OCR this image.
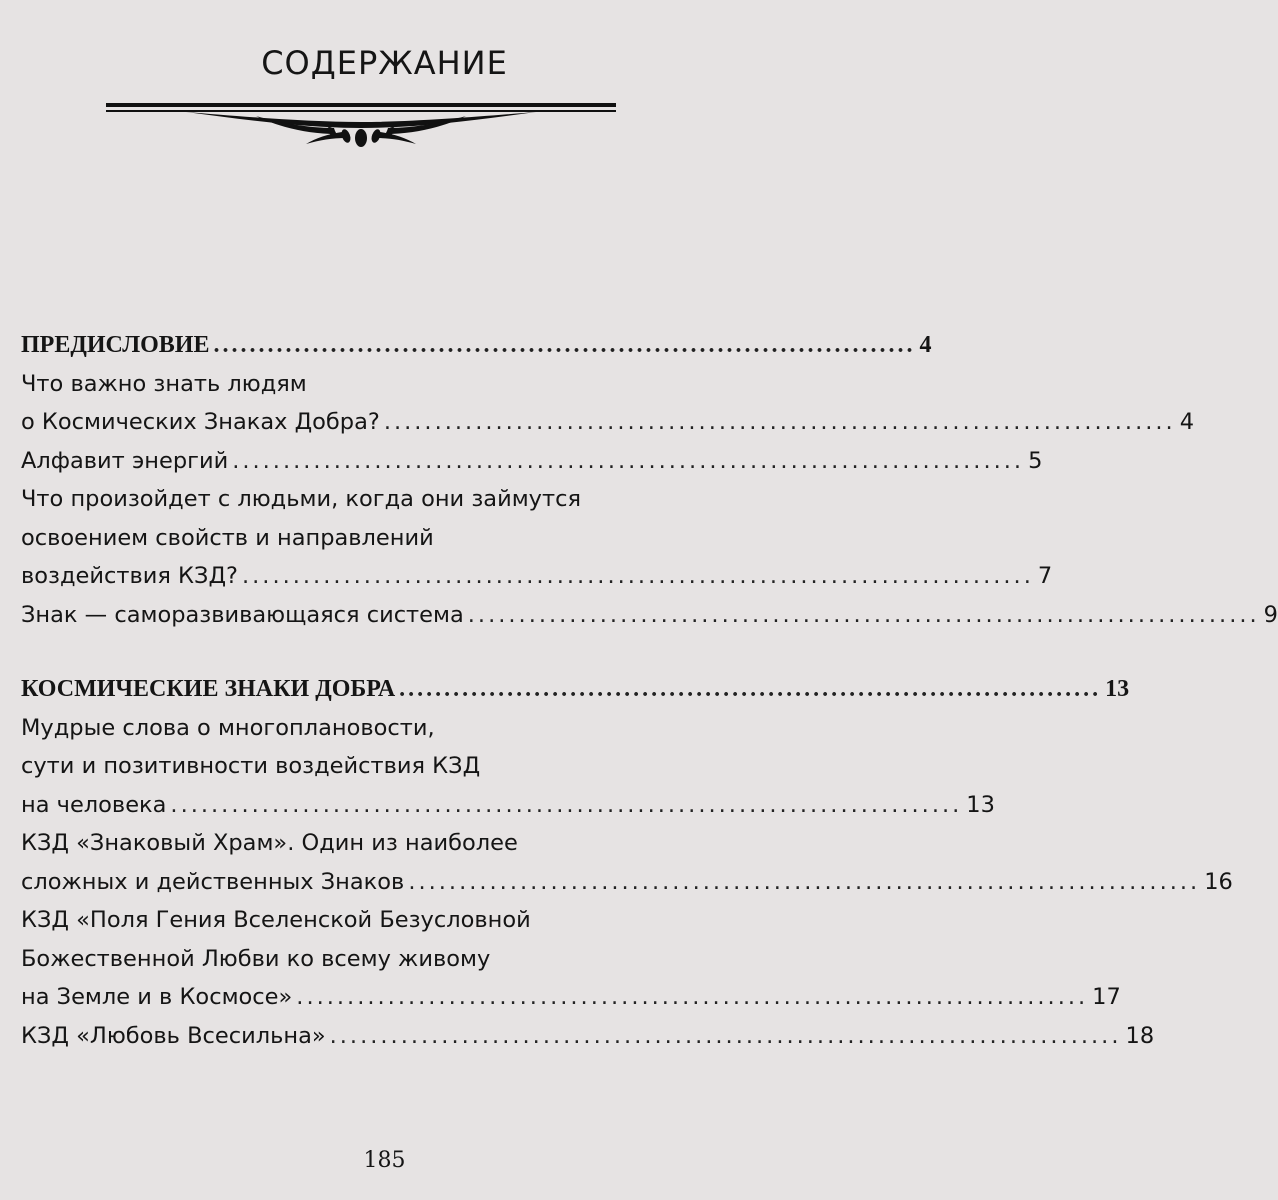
СОДЕРЖАНИЕ
ПРЕДИСЛОВИЕ .............................................................................. 4
Что важно знать людям
о Космических Знаках Добра? .............................................................................. 4
Алфавит энергий .............................................................................. 5
Что произойдет с людьми, когда они займутся
освоением свойств и направлений
воздействия КЗД? .............................................................................. 7
Знак — саморазвивающаяся система .............................................................................. 9
КОСМИЧЕСКИЕ ЗНАКИ ДОБРА .............................................................................. 13
Мудрые слова о многоплановости,
сути и позитивности воздействия КЗД
на человека .............................................................................. 13
КЗД «Знаковый Храм». Один из наиболее
сложных и действенных Знаков .............................................................................. 16
КЗД «Поля Гения Вселенской Безусловной
Божественной Любви ко всему живому
на Земле и в Космосе» .............................................................................. 17
КЗД «Любовь Всесильна» .............................................................................. 18
185
